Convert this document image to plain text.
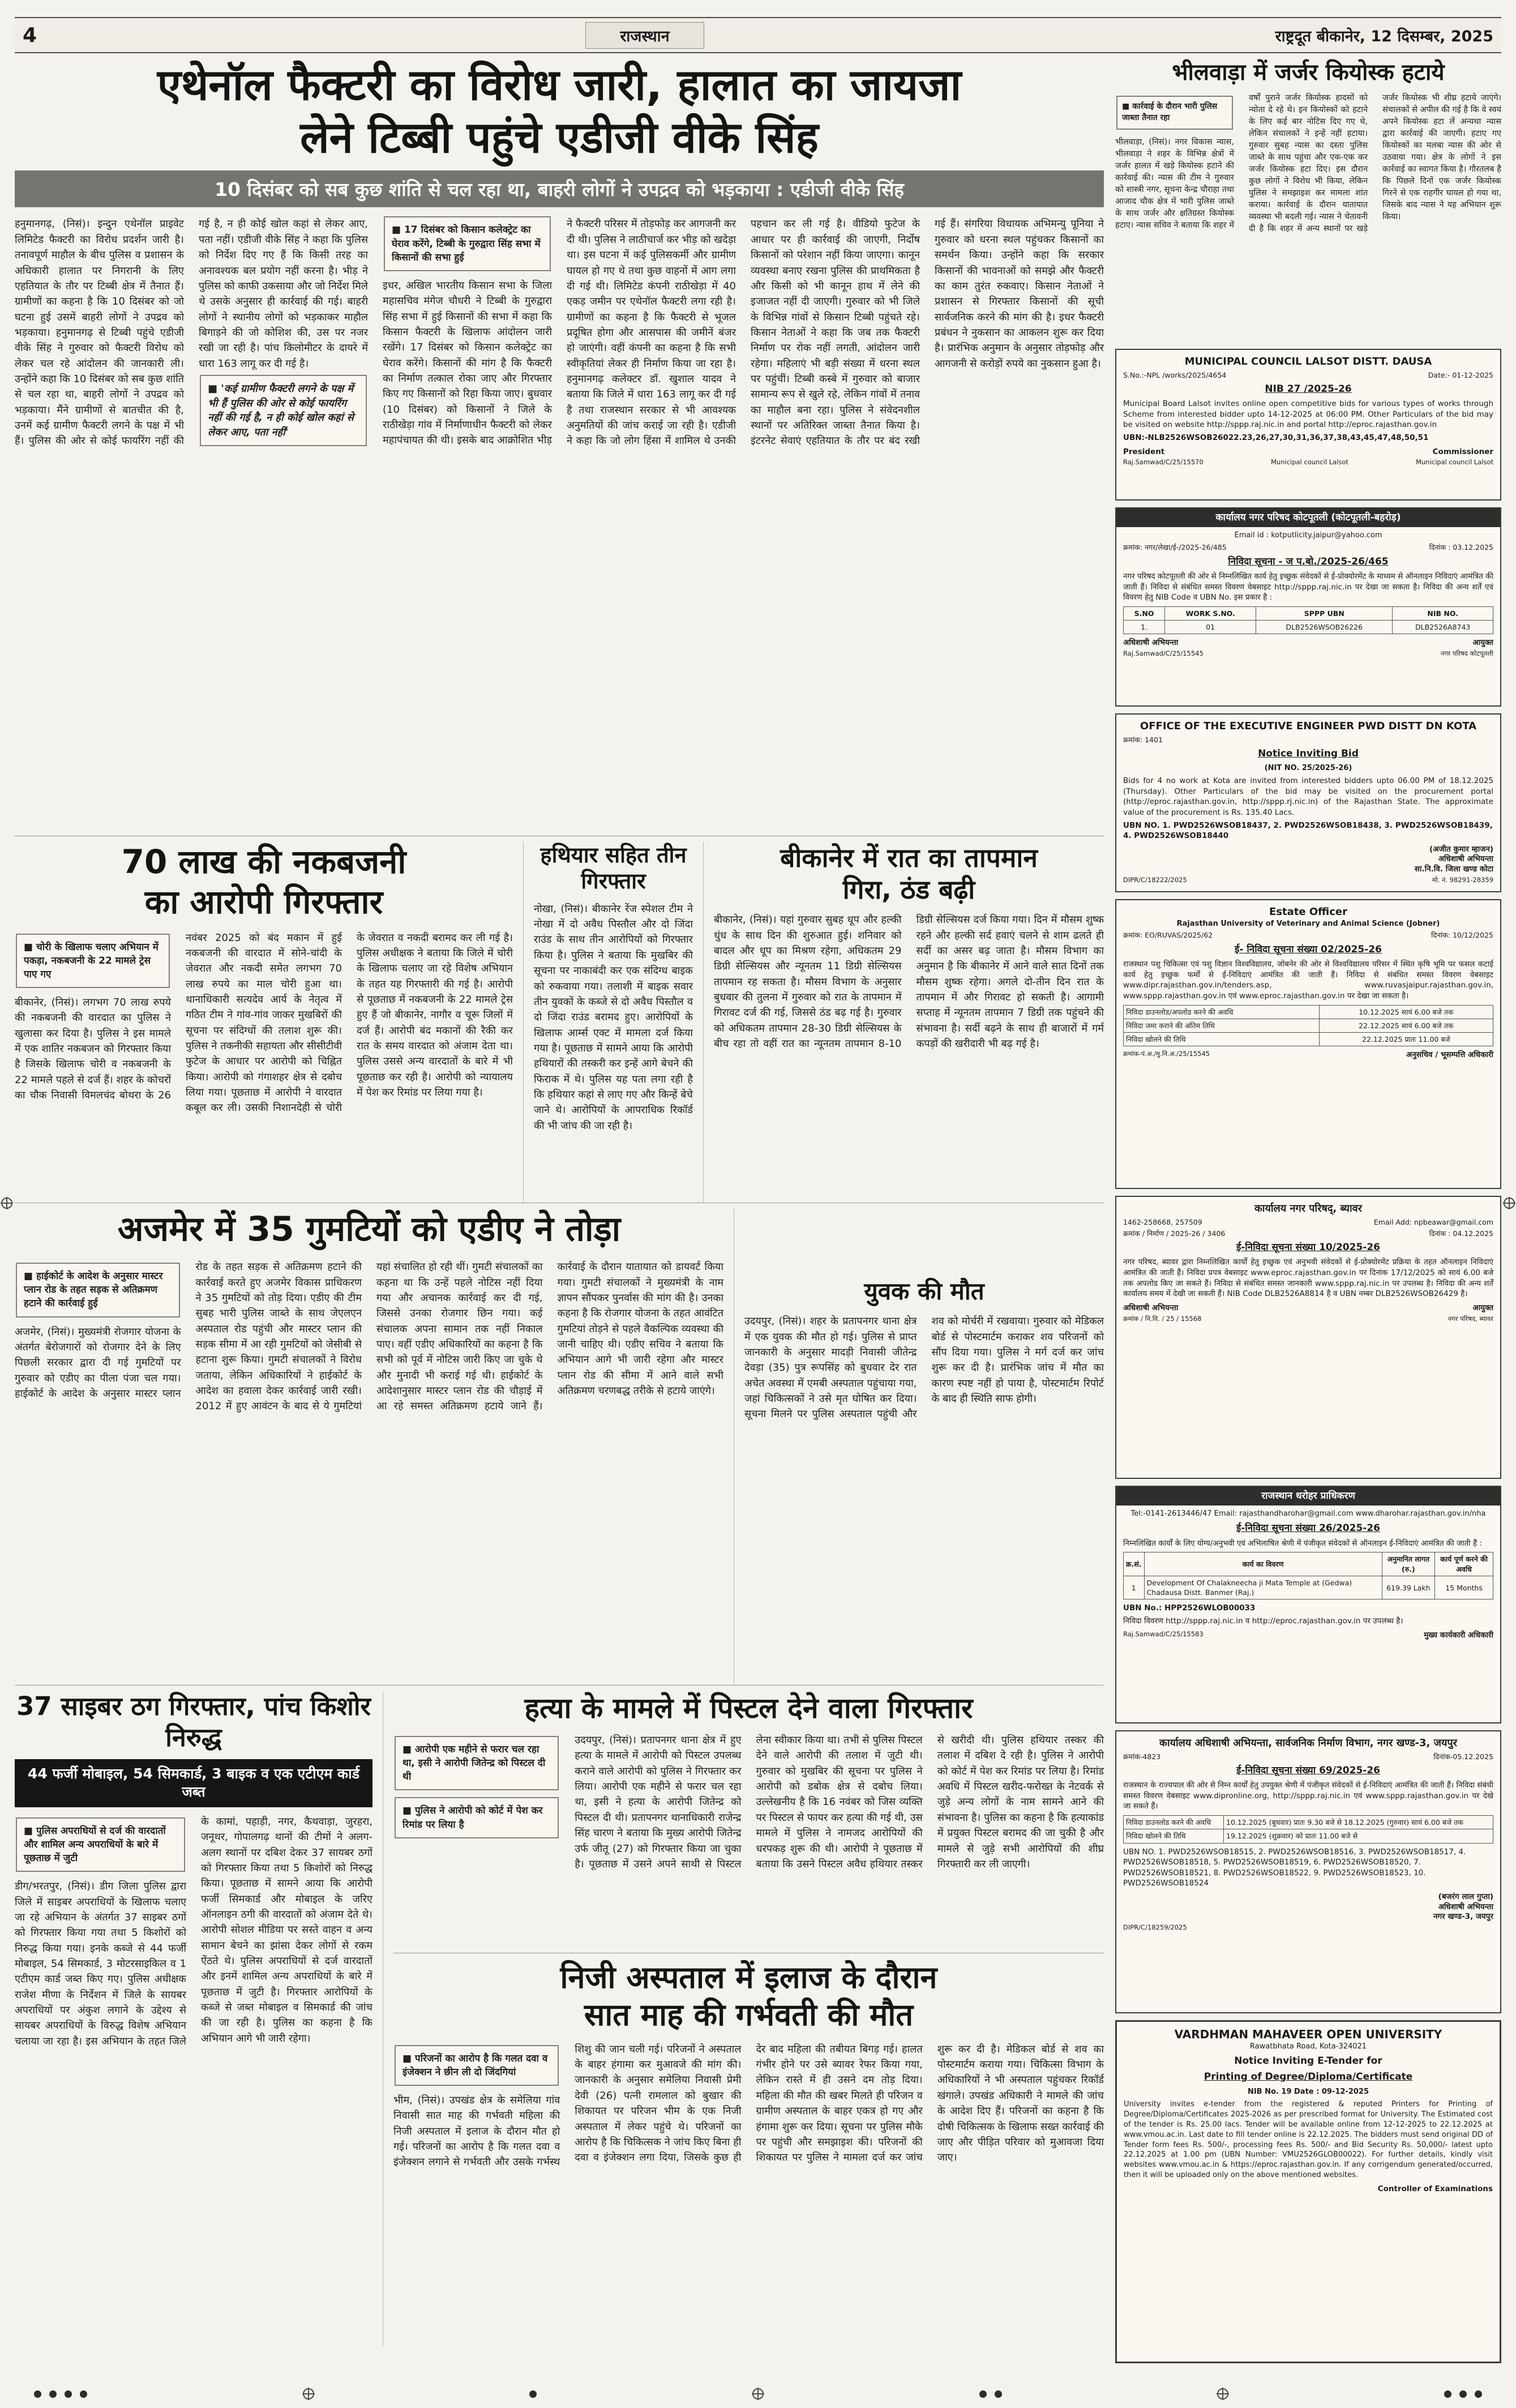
4	राजस्थान	राष्ट्रदूत बीकानेर, 12 दिसम्बर, 2025
एथेनॉल फैक्टरी का विरोध जारी, हालात का जायजा
लेने टिब्बी पहुंचे एडीजी वीके सिंह
10 दिसंबर को सब कुछ शांति से चल रहा था, बाहरी लोगों ने उपद्रव को भड़काया : एडीजी वीके सिंह
हनुमानगढ़, (निसं)। इन्दुन एथेनॉल प्राइवेट लिमिटेड फैक्टरी का विरोध प्रदर्शन जारी है। तनावपूर्ण माहौल के बीच पुलिस व प्रशासन के अधिकारी हालात पर निगरानी के लिए एहतियात के तौर पर टिब्बी क्षेत्र में तैनात हैं। ग्रामीणों का कहना है कि 10 दिसंबर को जो घटना हुई उसमें बाहरी लोगों ने उपद्रव को भड़काया। हनुमानगढ़ से टिब्बी पहुंचे एडीजी वीके सिंह ने गुरुवार को फैक्टरी विरोध को लेकर चल रहे आंदोलन की जानकारी ली। उन्होंने कहा कि 10 दिसंबर को सब कुछ शांति से चल रहा था, बाहरी लोगों ने उपद्रव को भड़काया। मैंने ग्रामीणों से बातचीत की है, उनमें कई ग्रामीण फैक्टरी लगने के पक्ष में भी हैं। पुलिस की ओर से कोई फायरिंग नहीं की गई है, न ही कोई खोल कहां से लेकर आए, पता नहीं। एडीजी वीके सिंह ने कहा कि पुलिस को निर्देश दिए गए हैं कि किसी तरह का अनावश्यक बल प्रयोग नहीं करना है। भीड़ ने पुलिस को काफी उकसाया और जो निर्देश मिले थे उसके अनुसार ही कार्रवाई की गई। बाहरी लोगों ने स्थानीय लोगों को भड़काकर माहौल बिगाड़ने की जो कोशिश की, उस पर नजर रखी जा रही है। पांच किलोमीटर के दायरे में धारा 163 लागू कर दी गई है।
■ 'कई ग्रामीण फैक्टरी लगने के पक्ष में भी हैं पुलिस की ओर से कोई फायरिंग नहीं की गई है, न ही कोई खोल कहां से लेकर आए, पता नहीं'
■ 17 दिसंबर को किसान कलेक्ट्रेट का घेराव करेंगे, टिब्बी के गुरुद्वारा सिंह सभा में किसानों की सभा हुई
इधर, अखिल भारतीय किसान सभा के जिला महासचिव मंगेज चौधरी ने टिब्बी के गुरुद्वारा सिंह सभा में हुई किसानों की सभा में कहा कि किसान फैक्टरी के खिलाफ आंदोलन जारी रखेंगे। 17 दिसंबर को किसान कलेक्ट्रेट का घेराव करेंगे। किसानों की मांग है कि फैक्टरी का निर्माण तत्काल रोका जाए और गिरफ्तार किए गए किसानों को रिहा किया जाए। बुधवार (10 दिसंबर) को किसानों ने जिले के राठीखेड़ा गांव में निर्माणाधीन फैक्टरी को लेकर महापंचायत की थी। इसके बाद आक्रोशित भीड़ ने फैक्टरी परिसर में तोड़फोड़ कर आगजनी कर दी थी। पुलिस ने लाठीचार्ज कर भीड़ को खदेड़ा था। इस घटना में कई पुलिसकर्मी और ग्रामीण घायल हो गए थे तथा कुछ वाहनों में आग लगा दी गई थी। लिमिटेड कंपनी राठीखेड़ा में 40 एकड़ जमीन पर एथेनॉल फैक्टरी लगा रही है। ग्रामीणों का कहना है कि फैक्टरी से भूजल प्रदूषित होगा और आसपास की जमीनें बंजर हो जाएंगी। वहीं कंपनी का कहना है कि सभी स्वीकृतियां लेकर ही निर्माण किया जा रहा है। हनुमानगढ़ कलेक्टर डॉ. खुशाल यादव ने बताया कि जिले में धारा 163 लागू कर दी गई है तथा राजस्थान सरकार से भी आवश्यक अनुमतियों की जांच कराई जा रही है। एडीजी ने कहा कि जो लोग हिंसा में शामिल थे उनकी पहचान कर ली गई है। वीडियो फुटेज के आधार पर ही कार्रवाई की जाएगी, निर्दोष किसानों को परेशान नहीं किया जाएगा। कानून व्यवस्था बनाए रखना पुलिस की प्राथमिकता है और किसी को भी कानून हाथ में लेने की इजाजत नहीं दी जाएगी। गुरुवार को भी जिले के विभिन्न गांवों से किसान टिब्बी पहुंचते रहे। किसान नेताओं ने कहा कि जब तक फैक्टरी निर्माण पर रोक नहीं लगती, आंदोलन जारी रहेगा। महिलाएं भी बड़ी संख्या में धरना स्थल पर पहुंचीं। टिब्बी कस्बे में गुरुवार को बाजार सामान्य रूप से खुले रहे, लेकिन गांवों में तनाव का माहौल बना रहा। पुलिस ने संवेदनशील स्थानों पर अतिरिक्त जाब्ता तैनात किया है। इंटरनेट सेवाएं एहतियात के तौर पर बंद रखी गई हैं। संगरिया विधायक अभिमन्यु पूनिया ने गुरुवार को धरना स्थल पहुंचकर किसानों का समर्थन किया। उन्होंने कहा कि सरकार किसानों की भावनाओं को समझे और फैक्टरी का काम तुरंत रुकवाए। किसान नेताओं ने प्रशासन से गिरफ्तार किसानों की सूची सार्वजनिक करने की मांग की है। इधर फैक्टरी प्रबंधन ने नुकसान का आकलन शुरू कर दिया है। प्रारंभिक अनुमान के अनुसार तोड़फोड़ और आगजनी से करोड़ों रुपये का नुकसान हुआ है।
70 लाख की नकबजनी
का आरोपी गिरफ्तार
■ चोरी के खिलाफ चलाए अभियान में पकड़ा, नकबजनी के 22 मामले ट्रेस पाए गए
बीकानेर, (निसं)। लगभग 70 लाख रुपये की नकबजनी की वारदात का पुलिस ने खुलासा कर दिया है। पुलिस ने इस मामले में एक शातिर नकबजन को गिरफ्तार किया है जिसके खिलाफ चोरी व नकबजनी के 22 मामले पहले से दर्ज हैं। शहर के कोचरों का चौक निवासी विमलचंद बोथरा के 26 नवंबर 2025 को बंद मकान में हुई नकबजनी की वारदात में सोने-चांदी के जेवरात और नकदी समेत लगभग 70 लाख रुपये का माल चोरी हुआ था। थानाधिकारी सत्यदेव आर्य के नेतृत्व में गठित टीम ने गांव-गांव जाकर मुखबिरों की सूचना पर संदिग्धों की तलाश शुरू की। पुलिस ने तकनीकी सहायता और सीसीटीवी फुटेज के आधार पर आरोपी को चिह्नित किया। आरोपी को गंगाशहर क्षेत्र से दबोच लिया गया। पूछताछ में आरोपी ने वारदात कबूल कर ली। उसकी निशानदेही से चोरी के जेवरात व नकदी बरामद कर ली गई है। पुलिस अधीक्षक ने बताया कि जिले में चोरी के खिलाफ चलाए जा रहे विशेष अभियान के तहत यह गिरफ्तारी की गई है। आरोपी से पूछताछ में नकबजनी के 22 मामले ट्रेस हुए हैं जो बीकानेर, नागौर व चूरू जिलों में दर्ज हैं। आरोपी बंद मकानों की रैकी कर रात के समय वारदात को अंजाम देता था। पुलिस उससे अन्य वारदातों के बारे में भी पूछताछ कर रही है। आरोपी को न्यायालय में पेश कर रिमांड पर लिया गया है।
हथियार सहित तीन गिरफ्तार
नोखा, (निसं)। बीकानेर रेंज स्पेशल टीम ने नोखा में दो अवैध पिस्तौल और दो जिंदा राउंड के साथ तीन आरोपियों को गिरफ्तार किया है। पुलिस ने बताया कि मुखबिर की सूचना पर नाकाबंदी कर एक संदिग्ध बाइक को रुकवाया गया। तलाशी में बाइक सवार तीन युवकों के कब्जे से दो अवैध पिस्तौल व दो जिंदा राउंड बरामद हुए। आरोपियों के खिलाफ आर्म्स एक्ट में मामला दर्ज किया गया है। पूछताछ में सामने आया कि आरोपी हथियारों की तस्करी कर इन्हें आगे बेचने की फिराक में थे। पुलिस यह पता लगा रही है कि हथियार कहां से लाए गए और किन्हें बेचे जाने थे। आरोपियों के आपराधिक रिकॉर्ड की भी जांच की जा रही है।
बीकानेर में रात का तापमान
गिरा, ठंड बढ़ी
बीकानेर, (निसं)। यहां गुरुवार सुबह धूप और हल्की धुंध के साथ दिन की शुरुआत हुई। शनिवार को बादल और धूप का मिश्रण रहेगा, अधिकतम 29 डिग्री सेल्सियस और न्यूनतम 11 डिग्री सेल्सियस तापमान रह सकता है। मौसम विभाग के अनुसार बुधवार की तुलना में गुरुवार को रात के तापमान में गिरावट दर्ज की गई, जिससे ठंड बढ़ गई है। गुरुवार को अधिकतम तापमान 28-30 डिग्री सेल्सियस के बीच रहा तो वहीं रात का न्यूनतम तापमान 8-10 डिग्री सेल्सियस दर्ज किया गया। दिन में मौसम शुष्क रहने और हल्की सर्द हवाएं चलने से शाम ढलते ही सर्दी का असर बढ़ जाता है। मौसम विभाग का अनुमान है कि बीकानेर में आने वाले सात दिनों तक मौसम शुष्क रहेगा। अगले दो-तीन दिन रात के तापमान में और गिरावट हो सकती है। आगामी सप्ताह में न्यूनतम तापमान 7 डिग्री तक पहुंचने की संभावना है। सर्दी बढ़ने के साथ ही बाजारों में गर्म कपड़ों की खरीदारी भी बढ़ गई है।
अजमेर में 35 गुमटियों को एडीए ने तोड़ा
■ हाईकोर्ट के आदेश के अनुसार मास्टर प्लान रोड के तहत सड़क से अतिक्रमण हटाने की कार्रवाई हुई
अजमेर, (निसं)। मुख्यमंत्री रोजगार योजना के अंतर्गत बेरोजगारों को रोजगार देने के लिए पिछली सरकार द्वारा दी गई गुमटियों पर गुरुवार को एडीए का पीला पंजा चल गया। हाईकोर्ट के आदेश के अनुसार मास्टर प्लान रोड के तहत सड़क से अतिक्रमण हटाने की कार्रवाई करते हुए अजमेर विकास प्राधिकरण ने 35 गुमटियों को तोड़ दिया। एडीए की टीम सुबह भारी पुलिस जाब्ते के साथ जेएलएन अस्पताल रोड पहुंची और मास्टर प्लान की सड़क सीमा में आ रही गुमटियों को जेसीबी से हटाना शुरू किया। गुमटी संचालकों ने विरोध जताया, लेकिन अधिकारियों ने हाईकोर्ट के आदेश का हवाला देकर कार्रवाई जारी रखी। 2012 में हुए आवंटन के बाद से ये गुमटियां यहां संचालित हो रही थीं। गुमटी संचालकों का कहना था कि उन्हें पहले नोटिस नहीं दिया गया और अचानक कार्रवाई कर दी गई, जिससे उनका रोजगार छिन गया। कई संचालक अपना सामान तक नहीं निकाल पाए। वहीं एडीए अधिकारियों का कहना है कि सभी को पूर्व में नोटिस जारी किए जा चुके थे और मुनादी भी कराई गई थी। हाईकोर्ट के आदेशानुसार मास्टर प्लान रोड की चौड़ाई में आ रहे समस्त अतिक्रमण हटाये जाने हैं। कार्रवाई के दौरान यातायात को डायवर्ट किया गया। गुमटी संचालकों ने मुख्यमंत्री के नाम ज्ञापन सौंपकर पुनर्वास की मांग की है। उनका कहना है कि रोजगार योजना के तहत आवंटित गुमटियां तोड़ने से पहले वैकल्पिक व्यवस्था की जानी चाहिए थी। एडीए सचिव ने बताया कि अभियान आगे भी जारी रहेगा और मास्टर प्लान रोड की सीमा में आने वाले सभी अतिक्रमण चरणबद्ध तरीके से हटाये जाएंगे।
युवक की मौत
उदयपुर, (निसं)। शहर के प्रतापनगर थाना क्षेत्र में एक युवक की मौत हो गई। पुलिस से प्राप्त जानकारी के अनुसार मादड़ी निवासी जीतेन्द्र देवड़ा (35) पुत्र रूपसिंह को बुधवार देर रात अचेत अवस्था में एमबी अस्पताल पहुंचाया गया, जहां चिकित्सकों ने उसे मृत घोषित कर दिया। सूचना मिलने पर पुलिस अस्पताल पहुंची और शव को मोर्चरी में रखवाया। गुरुवार को मेडिकल बोर्ड से पोस्टमार्टम कराकर शव परिजनों को सौंप दिया गया। पुलिस ने मर्ग दर्ज कर जांच शुरू कर दी है। प्रारंभिक जांच में मौत का कारण स्पष्ट नहीं हो पाया है, पोस्टमार्टम रिपोर्ट के बाद ही स्थिति साफ होगी।
37 साइबर ठग गिरफ्तार, पांच किशोर निरुद्ध
44 फर्जी मोबाइल, 54 सिमकार्ड, 3 बाइक व एक एटीएम कार्ड जब्त
■ पुलिस अपराधियों से दर्ज की वारदातों और शामिल अन्य अपराधियों के बारे में पूछताछ में जुटी
डीग/भरतपुर, (निसं)। डीग जिला पुलिस द्वारा जिले में साइबर अपराधियों के खिलाफ चलाए जा रहे अभियान के अंतर्गत 37 साइबर ठगों को गिरफ्तार किया गया तथा 5 किशोरों को निरुद्ध किया गया। इनके कब्जे से 44 फर्जी मोबाइल, 54 सिमकार्ड, 3 मोटरसाइकिल व 1 एटीएम कार्ड जब्त किए गए। पुलिस अधीक्षक राजेश मीणा के निर्देशन में जिले के सायबर अपराधियों पर अंकुश लगाने के उद्देश्य से सायबर अपराधियों के विरुद्ध विशेष अभियान चलाया जा रहा है। इस अभियान के तहत जिले के कामां, पहाड़ी, नगर, कैथवाड़ा, जुरहरा, जनूथर, गोपालगढ़ थानों की टीमों ने अलग-अलग स्थानों पर दबिश देकर 37 सायबर ठगों को गिरफ्तार किया तथा 5 किशोरों को निरुद्ध किया। पूछताछ में सामने आया कि आरोपी फर्जी सिमकार्ड और मोबाइल के जरिए ऑनलाइन ठगी की वारदातों को अंजाम देते थे। आरोपी सोशल मीडिया पर सस्ते वाहन व अन्य सामान बेचने का झांसा देकर लोगों से रकम ऐंठते थे। पुलिस अपराधियों से दर्ज वारदातों और इनमें शामिल अन्य अपराधियों के बारे में पूछताछ में जुटी है। गिरफ्तार आरोपियों के कब्जे से जब्त मोबाइल व सिमकार्ड की जांच की जा रही है। पुलिस का कहना है कि अभियान आगे भी जारी रहेगा।
हत्या के मामले में पिस्टल देने वाला गिरफ्तार
■ आरोपी एक महीने से फरार चल रहा था, इसी ने आरोपी जितेन्द्र को पिस्टल दी थी
■ पुलिस ने आरोपी को कोर्ट में पेश कर रिमांड पर लिया है
उदयपुर, (निसं)। प्रतापनगर थाना क्षेत्र में हुए हत्या के मामले में आरोपी को पिस्टल उपलब्ध कराने वाले आरोपी को पुलिस ने गिरफ्तार कर लिया। आरोपी एक महीने से फरार चल रहा था, इसी ने हत्या के आरोपी जितेन्द्र को पिस्टल दी थी। प्रतापनगर थानाधिकारी राजेन्द्र सिंह चारण ने बताया कि मुख्य आरोपी जितेन्द्र उर्फ जीतू (27) को गिरफ्तार किया जा चुका है। पूछताछ में उसने अपने साथी से पिस्टल लेना स्वीकार किया था। तभी से पुलिस पिस्टल देने वाले आरोपी की तलाश में जुटी थी। गुरुवार को मुखबिर की सूचना पर पुलिस ने आरोपी को डबोक क्षेत्र से दबोच लिया। उल्लेखनीय है कि 16 नवंबर को जिस व्यक्ति पर पिस्टल से फायर कर हत्या की गई थी, उस मामले में पुलिस ने नामजद आरोपियों की धरपकड़ शुरू की थी। आरोपी ने पूछताछ में बताया कि उसने पिस्टल अवैध हथियार तस्कर से खरीदी थी। पुलिस हथियार तस्कर की तलाश में दबिश दे रही है। पुलिस ने आरोपी को कोर्ट में पेश कर रिमांड पर लिया है। रिमांड अवधि में पिस्टल खरीद-फरोख्त के नेटवर्क से जुड़े अन्य लोगों के नाम सामने आने की संभावना है। पुलिस का कहना है कि हत्याकांड में प्रयुक्त पिस्टल बरामद की जा चुकी है और मामले से जुड़े सभी आरोपियों की शीघ्र गिरफ्तारी कर ली जाएगी।
निजी अस्पताल में इलाज के दौरान
सात माह की गर्भवती की मौत
■ परिजनों का आरोप है कि गलत दवा व इंजेक्शन ने छीन ली दो जिंदगियां
भीम, (निसं)। उपखंड क्षेत्र के समेलिया गांव निवासी सात माह की गर्भवती महिला की निजी अस्पताल में इलाज के दौरान मौत हो गई। परिजनों का आरोप है कि गलत दवा व इंजेक्शन लगाने से गर्भवती और उसके गर्भस्थ शिशु की जान चली गई। परिजनों ने अस्पताल के बाहर हंगामा कर मुआवजे की मांग की। जानकारी के अनुसार समेलिया निवासी प्रेमी देवी (26) पत्नी रामलाल को बुखार की शिकायत पर परिजन भीम के एक निजी अस्पताल में लेकर पहुंचे थे। परिजनों का आरोप है कि चिकित्सक ने जांच किए बिना ही दवा व इंजेक्शन लगा दिया, जिसके कुछ ही देर बाद महिला की तबीयत बिगड़ गई। हालत गंभीर होने पर उसे ब्यावर रेफर किया गया, लेकिन रास्ते में ही उसने दम तोड़ दिया। महिला की मौत की खबर मिलते ही परिजन व ग्रामीण अस्पताल के बाहर एकत्र हो गए और हंगामा शुरू कर दिया। सूचना पर पुलिस मौके पर पहुंची और समझाइश की। परिजनों की शिकायत पर पुलिस ने मामला दर्ज कर जांच शुरू कर दी है। मेडिकल बोर्ड से शव का पोस्टमार्टम कराया गया। चिकित्सा विभाग के अधिकारियों ने भी अस्पताल पहुंचकर रिकॉर्ड खंगाले। उपखंड अधिकारी ने मामले की जांच के आदेश दिए हैं। परिजनों का कहना है कि दोषी चिकित्सक के खिलाफ सख्त कार्रवाई की जाए और पीड़ित परिवार को मुआवजा दिया जाए।
भीलवाड़ा में जर्जर कियोस्क हटाये
■ कार्रवाई के दौरान भारी पुलिस जाब्ता तैनात रहा
भीलवाड़ा, (निसं)। नगर विकास न्यास, भीलवाड़ा ने शहर के विभिन्न क्षेत्रों में जर्जर हालत में खड़े कियोस्क हटाने की कार्रवाई की। न्यास की टीम ने गुरुवार को शास्त्री नगर, सूचना केन्द्र चौराहा तथा आजाद चौक क्षेत्र में भारी पुलिस जाब्ते के साथ जर्जर और क्षतिग्रस्त कियोस्क हटाए। न्यास सचिव ने बताया कि शहर में वर्षों पुराने जर्जर कियोस्क हादसों को न्योता दे रहे थे। इन कियोस्कों को हटाने के लिए कई बार नोटिस दिए गए थे, लेकिन संचालकों ने इन्हें नहीं हटाया। गुरुवार सुबह न्यास का दस्ता पुलिस जाब्ते के साथ पहुंचा और एक-एक कर जर्जर कियोस्क हटा दिए। इस दौरान कुछ लोगों ने विरोध भी किया, लेकिन पुलिस ने समझाइश कर मामला शांत कराया। कार्रवाई के दौरान यातायात व्यवस्था भी बदली गई। न्यास ने चेतावनी दी है कि शहर में अन्य स्थानों पर खड़े जर्जर कियोस्क भी शीघ्र हटाये जाएंगे। संचालकों से अपील की गई है कि वे स्वयं अपने कियोस्क हटा लें अन्यथा न्यास द्वारा कार्रवाई की जाएगी। हटाए गए कियोस्कों का मलबा न्यास की ओर से उठवाया गया। क्षेत्र के लोगों ने इस कार्रवाई का स्वागत किया है। गौरतलब है कि पिछले दिनों एक जर्जर कियोस्क गिरने से एक राहगीर घायल हो गया था, जिसके बाद न्यास ने यह अभियान शुरू किया।
MUNICIPAL COUNCIL LALSOT DISTT. DAUSA
S.No.:-NPL /works/2025/4654	Date:- 01-12-2025
NIB 27 /2025-26
Municipal Board Lalsot invites online open competitive bids for various types of works through Scheme from interested bidder upto 14-12-2025 at 06:00 PM. Other Particulars of the bid may be visited on website http://sppp.raj.nic.in and portal http://eproc.rajasthan.gov.in
UBN:-NLB2526WSOB26022.23,26,27,30,31,36,37,38,43,45,47,48,50,51
President	Commissioner
Raj.Samwad/C/25/15570	Municipal council Lalsot	Municipal council Lalsot
कार्यालय नगर परिषद कोटपूतली (कोटपूतली-बहरोड़)
Email id : kotputlicity.jaipur@yahoo.com
क्रमांक: नगर/लेखा/ई-/2025-26/485	दिनांक : 03.12.2025
निविदा सूचना - ज प.बो./2025-26/465
नगर परिषद कोटपूतली की ओर से निम्नलिखित कार्य हेतु इच्छुक संवेदकों से ई-प्रोक्योरमेंट के माध्यम से ऑनलाइन निविदाएं आमंत्रित की जाती हैं। निविदा से संबंधित समस्त विवरण वेबसाइट http://sppp.raj.nic.in पर देखा जा सकता है। निविदा की अन्य शर्तें एवं विवरण हेतु NIB Code व UBN No. इस प्रकार है :
S.NO	WORK S.NO.	SPPP UBN	NIB NO.
1.	01	DLB2526WSOB26226	DLB2526A8743
अधिशाषी अभियन्ता	आयुक्त
Raj.Samwad/C/25/15545	नगर परिषद कोटपूतली
OFFICE OF THE EXECUTIVE ENGINEER PWD DISTT DN KOTA
क्रमांक: 1401
Notice Inviting Bid
(NIT NO. 25/2025-26)
Bids for 4 no work at Kota are invited from interested bidders upto 06.00 PM of 18.12.2025 (Thursday). Other Particulars of the bid may be visited on the procurement portal (http://eproc.rajasthan.gov.in, http://sppp.rj.nic.in) of the Rajasthan State. The approximate value of the procurement is Rs. 135.40 Lacs.
UBN NO. 1. PWD2526WSOB18437, 2. PWD2526WSOB18438, 3. PWD2526WSOB18439, 4. PWD2526WSOB18440
(अजीत कुमार म्हाजन)
अधिशाषी अभियन्ता
सा.नि.वि. जिला खण्ड कोटा
DIPR/C/18222/2025	मो. नं. 98291-28359
Estate Officer
Rajasthan University of Veterinary and Animal Science (Jobner)
क्रमांक: EO/RUVAS/2025/62	दिनांक: 10/12/2025
ई- निविदा सूचना संख्या 02/2025-26
राजस्थान पशु चिकित्सा एवं पशु विज्ञान विश्वविद्यालय, जोबनेर की ओर से विश्वविद्यालय परिसर में स्थित कृषि भूमि पर फसल कटाई कार्य हेतु इच्छुक फर्मों से ई-निविदाएं आमंत्रित की जाती हैं। निविदा से संबंधित समस्त विवरण वेबसाइट www.dipr.rajasthan.gov.in/tenders.asp, www.ruvasjaipur.rajasthan.gov.in, www.sppp.rajasthan.gov.in एवं www.eproc.rajasthan.gov.in पर देखा जा सकता है।
निविदा डाउनलोड/अपलोड करने की अवधि	10.12.2025 सायं 6.00 बजे तक
निविदा जमा कराने की अंतिम तिथि	22.12.2025 सायं 6.00 बजे तक
निविदा खोलने की तिथि	22.12.2025 प्रातः 11.00 बजे
क्रमांक-पं.अ./मु.नि.अ./25/15545	अनुसचिव / भूसम्पत्ति अधिकारी
कार्यालय नगर परिषद्, ब्यावर
1462-258668, 257509	Email Add: npbeawar@gmail.com
क्रमांक / निर्माण / 2025-26 / 3406	दिनांक : 04.12.2025
ई-निविदा सूचना संख्या 10/2025-26
नगर परिषद, ब्यावर द्वारा निम्नलिखित कार्यों हेतु इच्छुक एवं अनुभवी संवेदकों से ई-प्रोक्योरमेंट प्रक्रिया के तहत ऑनलाइन निविदाएं आमंत्रित की जाती हैं। निविदा प्रपत्र वेबसाइट www.eproc.rajasthan.gov.in पर दिनांक 17/12/2025 को सायं 6.00 बजे तक अपलोड किए जा सकते हैं। निविदा से संबंधित समस्त जानकारी www.sppp.raj.nic.in पर उपलब्ध है। निविदा की अन्य शर्तें कार्यालय समय में देखी जा सकती हैं। NIB Code DLB2526A8814 है व UBN नम्बर DLB2526WSOB26429 है।
अधिशाषी अभियन्ता	आयुक्त
क्रमांक / नि.वि. / 25 / 15568	नगर परिषद, ब्यावर
राजस्थान धरोहर प्राधिकरण
Tel:-0141-2613446/47 Email: rajasthandharohar@gmail.com www.dharohar.rajasthan.gov.in/nha
ई-निविदा सूचना संख्या 26/2025-26
निम्नलिखित कार्यों के लिए योग्य/अनुभवी एवं अभिलाषित श्रेणी में पंजीकृत संवेदकों से ऑनलाइन ई-निविदाएं आमंत्रित की जाती हैं :
क्र.सं.	कार्य का विवरण	अनुमानित लागत (रु.)	कार्य पूर्ण करने की अवधि
1	Development Of Chalakneecha ji Mata Temple at (Gedwa) Chadausa Distt. Banmer (Raj.)	619.39 Lakh	15 Months
UBN No.: HPP2526WLOB00033
निविदा विवरण http://sppp.raj.nic.in व http://eproc.rajasthan.gov.in पर उपलब्ध है।
Raj.Samwad/C/25/15583	मुख्य कार्यकारी अधिकारी
कार्यालय अधिशाषी अभियन्ता, सार्वजनिक निर्माण विभाग, नगर खण्ड-3, जयपुर
क्रमांक-4823	दिनांक-05.12.2025
ई-निविदा सूचना संख्या 69/2025-26
राजस्थान के राज्यपाल की ओर से निम्न कार्यों हेतु उपयुक्त श्रेणी में पंजीकृत संवेदकों से ई-निविदाएं आमंत्रित की जाती हैं। निविदा संबंधी समस्त विवरण वेबसाइट www.dipronline.org, http://sppp.raj.nic.in एवं www.sppp.rajasthan.gov.in पर देखे जा सकते हैं।
निविदा डाउनलोड करने की अवधि	10.12.2025 (बुधवार) प्रातः 9.30 बजे से 18.12.2025 (गुरुवार) सायं 6.00 बजे तक
निविदा खोलने की तिथि	19.12.2025 (शुक्रवार) को प्रातः 11.00 बजे से
UBN NO. 1. PWD2526WSOB18515, 2. PWD2526WSOB18516, 3. PWD2526WSOB18517, 4. PWD2526WSOB18518, 5. PWD2526WSOB18519, 6. PWD2526WSOB18520, 7. PWD2526WSOB18521, 8. PWD2526WSOB18522, 9. PWD2526WSOB18523, 10. PWD2526WSOB18524
(बजरंग लाल गुप्ता)
अधिशाषी अभियन्ता
नगर खण्ड-3, जयपुर
DIPR/C/18259/2025
VARDHMAN MAHAVEER OPEN UNIVERSITY
Rawatbhata Road, Kota-324021
Notice Inviting E-Tender for
Printing of Degree/Diploma/Certificate
NIB No. 19 Date : 09-12-2025
University invites e-tender from the registered & reputed Printers for Printing of Degree/Diploma/Certificates 2025-2026 as per prescribed format for University. The Estimated cost of the tender is Rs. 25.00 lacs. Tender will be available online from 12-12-2025 to 22.12.2025 at www.vmou.ac.in. Last date to fill tender online is 22.12.2025. The bidders must send original DD of Tender form fees Rs. 500/-, processing fees Rs. 500/- and Bid Security Rs. 50,000/- latest upto 22.12.2025 at 1.00 pm (UBN Number: VMU2526GLOB00022). For further details, kindly visit websites www.vmou.ac.in & https://eproc.rajasthan.gov.in. If any corrigendum generated/occurred, then it will be uploaded only on the above mentioned websites.
Controller of Examinations
